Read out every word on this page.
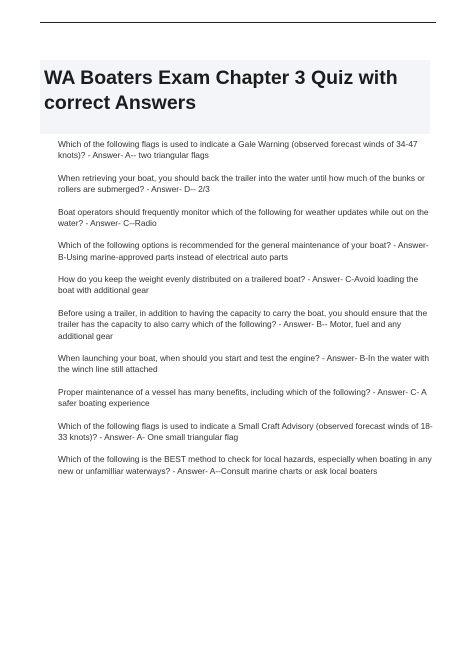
WA Boaters Exam Chapter 3 Quiz with correct Answers
Which of the following flags is used to indicate a Gale Warning (observed forecast winds of 34-47 knots)? - Answer- A-- two triangular flags
When retrieving your boat, you should back the trailer into the water until how much of the bunks or rollers are submerged? - Answer- D-- 2/3
Boat operators should frequently monitor which of the following for weather updates while out on the water? - Answer- C--Radio
Which of the following options is recommended for the general maintenance of your boat? - Answer- B-Using marine-approved parts instead of electrical auto parts
How do you keep the weight evenly distributed on a trailered boat? - Answer- C-Avoid loading the boat with additional gear
Before using a trailer, in addition to having the capacity to carry the boat, you should ensure that the trailer has the capacity to also carry which of the following? - Answer- B-- Motor, fuel and any additional gear
When launching your boat, when should you start and test the engine? - Answer- B-In the water with the winch line still attached
Proper maintenance of a vessel has many benefits, including which of the following? - Answer- C- A safer boating experience
Which of the following flags is used to indicate a Small Craft Advisory (observed forecast winds of 18-33 knots)? - Answer- A- One small triangular flag
Which of the following is the BEST method to check for local hazards, especially when boating in any new or unfamilliar waterways? - Answer- A--Consult marine charts or ask local boaters
